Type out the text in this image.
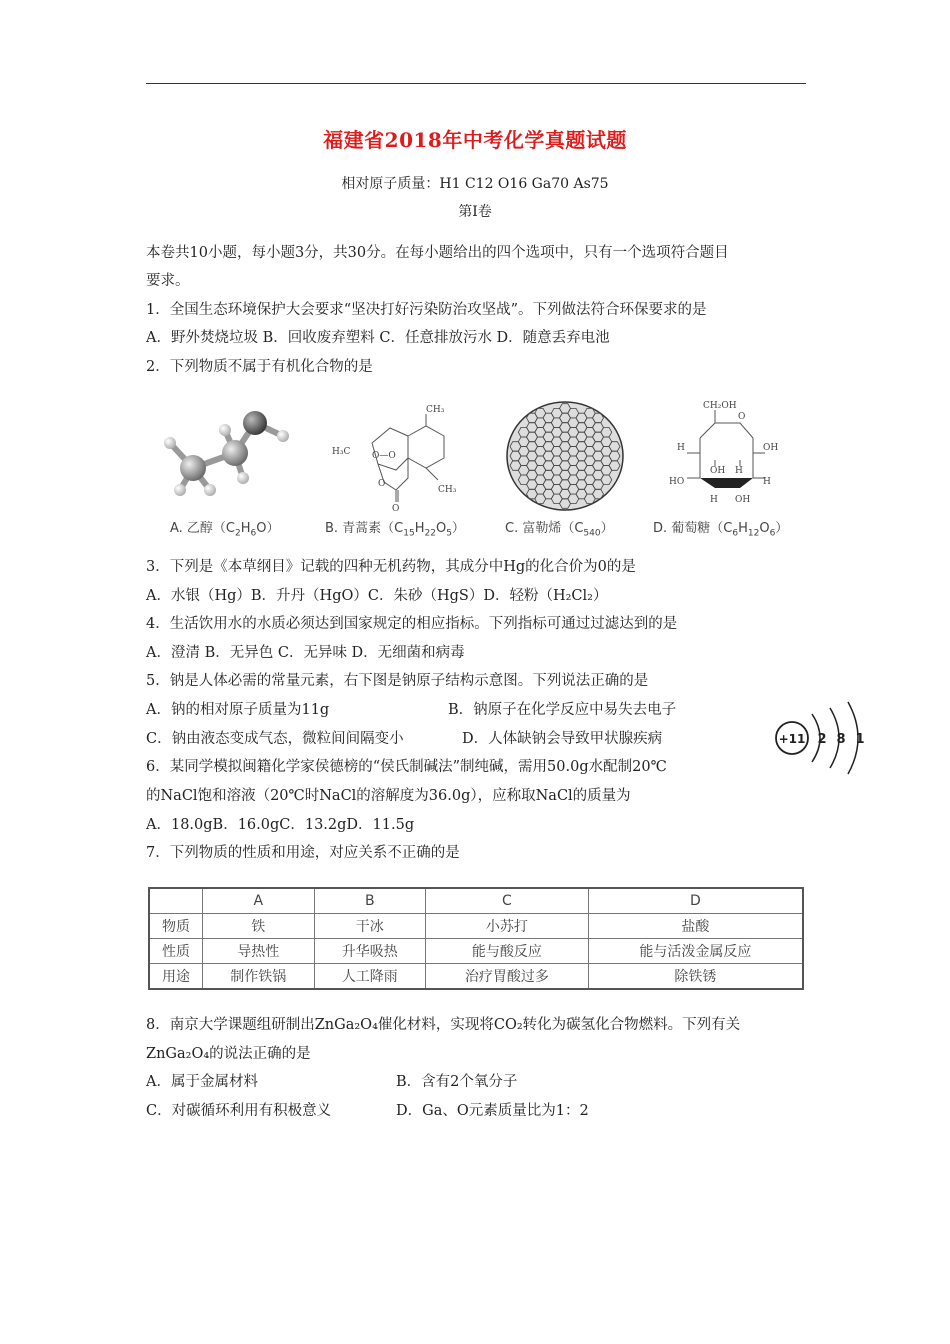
福建省2018年中考化学真题试题
相对原子质量：H1 C12 O16 Ga70 As75
第Ⅰ卷
本卷共10小题，每小题3分，共30分。在每小题给出的四个选项中，只有一个选项符合题目
要求。
1．全国生态环境保护大会要求“坚决打好污染防治攻坚战”。下列做法符合环保要求的是
A．野外焚烧垃圾 B．回收废弃塑料 C．任意排放污水 D．随意丢弃电池
2．下列物质不属于有机化合物的是
CH₃
H₃C O—O
O
O
CH₃
CH₂OH
O
H	OH
OH H
HO	H
H OH
A. 乙醇$(C_2H_6O)$	B. 青蒿素$(C_{15}H_{22}O_5)$	C. 富勒烯$(C_{540})$	D. 葡萄糖$(C_6H_{12}O_6)$
3．下列是《本草纲目》记载的四种无机药物，其成分中Hg的化合价为0的是
A．水银（Hg）B．升丹（HgO）C．朱砂（HgS）D．轻粉（H₂Cl₂）
4．生活饮用水的水质必须达到国家规定的相应指标。下列指标可通过过滤达到的是
A．澄清 B．无异色 C．无异味 D．无细菌和病毒
5．钠是人体必需的常量元素，右下图是钠原子结构示意图。下列说法正确的是
A．钠的相对原子质量为11g	B．钠原子在化学反应中易失去电子
C．钠由液态变成气态，微粒间间隔变小	D．人体缺钠会导致甲状腺疾病	+11 2 8 1
6．某同学模拟闽籍化学家侯德榜的“侯氏制碱法”制纯碱，需用50.0g水配制20℃
的NaCl饱和溶液（20℃时NaCl的溶解度为36.0g），应称取NaCl的质量为
A．18.0gB．16.0gC．13.2gD．11.5g
7．下列物质的性质和用途，对应关系不正确的是
	A	B	C	D
物质	铁	干冰	小苏打	盐酸
性质	导热性	升华吸热	能与酸反应	能与活泼金属反应
用途	制作铁锅	人工降雨	治疗胃酸过多	除铁锈
8．南京大学课题组研制出ZnGa₂O₄催化材料，实现将CO₂转化为碳氢化合物燃料。下列有关
ZnGa₂O₄的说法正确的是
A．属于金属材料	B．含有2个氧分子
C．对碳循环利用有积极意义	D．Ga、O元素质量比为1：2
